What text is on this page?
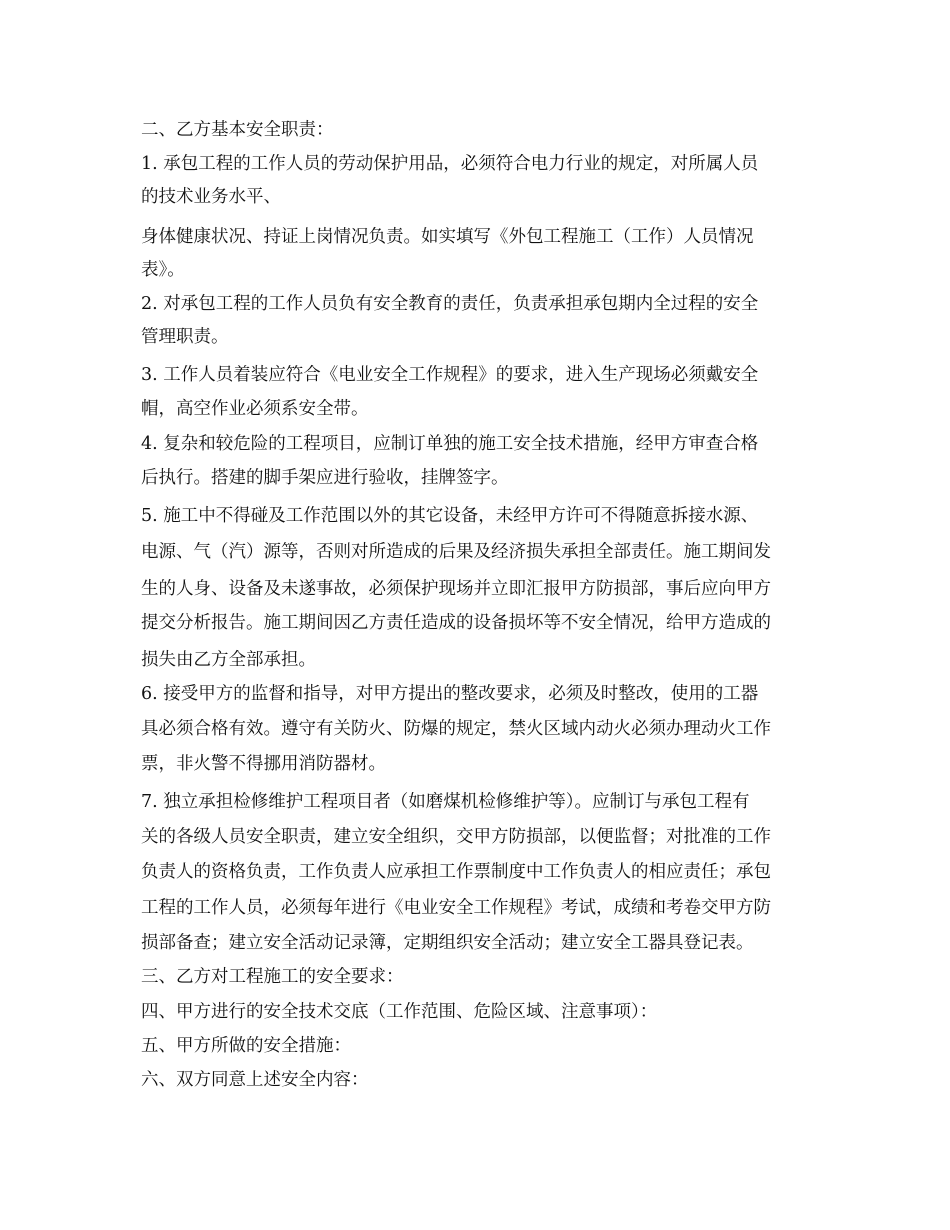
二、乙方基本安全职责：
1. 承包工程的工作人员的劳动保护用品，必须符合电力行业的规定，对所属人员
的技术业务水平、
身体健康状况、持证上岗情况负责。如实填写《外包工程施工（工作）人员情况
表》。
2. 对承包工程的工作人员负有安全教育的责任，负责承担承包期内全过程的安全
管理职责。
3. 工作人员着装应符合《电业安全工作规程》的要求，进入生产现场必须戴安全
帽，高空作业必须系安全带。
4. 复杂和较危险的工程项目，应制订单独的施工安全技术措施，经甲方审查合格
后执行。搭建的脚手架应进行验收，挂牌签字。
5. 施工中不得碰及工作范围以外的其它设备，未经甲方许可不得随意拆接水源、
电源、气（汽）源等，否则对所造成的后果及经济损失承担全部责任。施工期间发
生的人身、设备及未遂事故，必须保护现场并立即汇报甲方防损部，事后应向甲方
提交分析报告。施工期间因乙方责任造成的设备损坏等不安全情况，给甲方造成的
损失由乙方全部承担。
6. 接受甲方的监督和指导，对甲方提出的整改要求，必须及时整改，使用的工器
具必须合格有效。遵守有关防火、防爆的规定，禁火区域内动火必须办理动火工作
票，非火警不得挪用消防器材。
7. 独立承担检修维护工程项目者（如磨煤机检修维护等）。应制订与承包工程有
关的各级人员安全职责，建立安全组织，交甲方防损部，以便监督；对批准的工作
负责人的资格负责，工作负责人应承担工作票制度中工作负责人的相应责任；承包
工程的工作人员，必须每年进行《电业安全工作规程》考试，成绩和考卷交甲方防
损部备查；建立安全活动记录簿，定期组织安全活动；建立安全工器具登记表。
三、乙方对工程施工的安全要求：
四、甲方进行的安全技术交底（工作范围、危险区域、注意事项）：
五、甲方所做的安全措施：
六、双方同意上述安全内容：
